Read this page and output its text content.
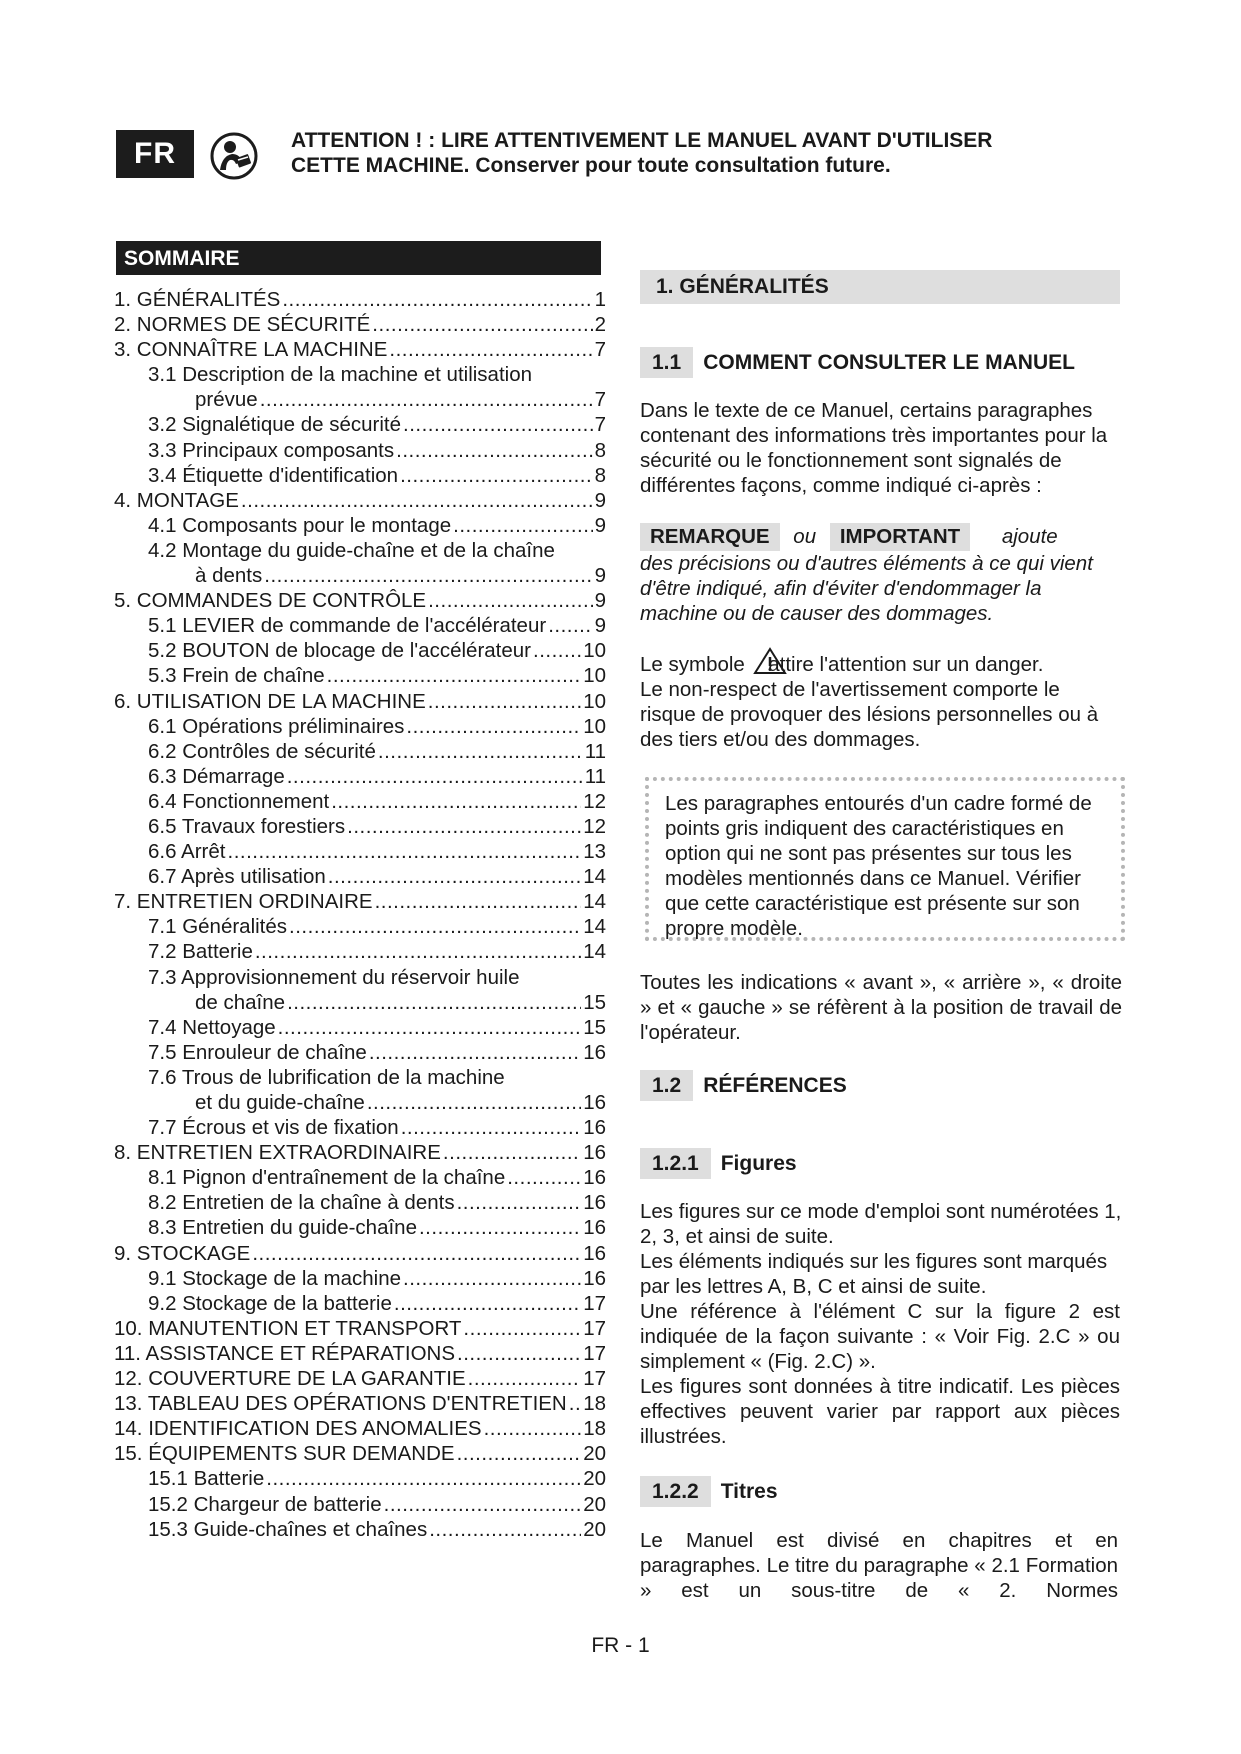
FR	ATTENTION ! : LIRE ATTENTIVEMENT LE MANUEL AVANT D'UTILISER
CETTE MACHINE. Conserver pour toute consultation future.
SOMMAIRE
1. GÉNÉRALITÉS .....	1
2. NORMES DE SÉCURITÉ .....	2
3. CONNAÎTRE LA MACHINE .....	7
3.1 Description de la machine et utilisation
prévue .....	7
3.2 Signalétique de sécurité .....	7
3.3 Principaux composants .....	8
3.4 Étiquette d'identification .....	8
4. MONTAGE .....	9
4.1 Composants pour le montage .....	9
4.2 Montage du guide-chaîne et de la chaîne
à dents .....	9
5. COMMANDES DE CONTRÔLE .....	9
5.1 LEVIER de commande de l'accélérateur ..... 9
5.2 BOUTON de blocage de l'accélérateur .....	10
5.3 Frein de chaîne .....	10
6. UTILISATION DE LA MACHINE .....	10
6.1 Opérations préliminaires .....	10
6.2 Contrôles de sécurité .....	11
6.3 Démarrage .....	11
6.4 Fonctionnement .....	12
6.5 Travaux forestiers .....	12
6.6 Arrêt .....	13
6.7 Après utilisation .....	14
7. ENTRETIEN ORDINAIRE .....	14
7.1 Généralités .....	14
7.2 Batterie .....	14
7.3 Approvisionnement du réservoir huile
de chaîne .....	15
7.4 Nettoyage .....	15
7.5 Enrouleur de chaîne .....	16
7.6 Trous de lubrification de la machine
et du guide-chaîne .....	16
7.7 Écrous et vis de fixation .....	16
8. ENTRETIEN EXTRAORDINAIRE .....	16
8.1 Pignon d'entraînement de la chaîne .....	16
8.2 Entretien de la chaîne à dents .....	16
8.3 Entretien du guide-chaîne .....	16
9. STOCKAGE .....	16
9.1 Stockage de la machine .....	16
9.2 Stockage de la batterie .....	17
10. MANUTENTION ET TRANSPORT .....	17
11. ASSISTANCE ET RÉPARATIONS .....	17
12. COUVERTURE DE LA GARANTIE .....	17
13. TABLEAU DES OPÉRATIONS D'ENTRETIEN ..... 18
14. IDENTIFICATION DES ANOMALIES .....	18
15. ÉQUIPEMENTS SUR DEMANDE .....	20
15.1 Batterie .....	20
15.2 Chargeur de batterie .....	20
15.3 Guide-chaînes et chaînes .....	20
1. GÉNÉRALITÉS
1.1 COMMENT CONSULTER LE MANUEL
Dans le texte de ce Manuel, certains paragraphes contenant des informations très importantes pour la sécurité ou le fonctionnement sont signalés de différentes façons, comme indiqué ci-après :
REMARQUE ou IMPORTANT ajoute
des précisions ou d'autres éléments à ce qui vient d'être indiqué, afin d'éviter d'endommager la machine ou de causer des dommages.
Le symbole attire l'attention sur un danger.
Le non-respect de l'avertissement comporte le risque de provoquer des lésions personnelles ou à des tiers et/ou des dommages.
Les paragraphes entourés d'un cadre formé de points gris indiquent des caractéristiques en option qui ne sont pas présentes sur tous les modèles mentionnés dans ce Manuel. Vérifier que cette caractéristique est présente sur son propre modèle.
Toutes les indications « avant », « arrière », « droite » et « gauche » se réfèrent à la position de travail de l'opérateur.
1.2 RÉFÉRENCES
1.2.1 Figures
Les figures sur ce mode d'emploi sont numérotées 1, 2, 3, et ainsi de suite.
Les éléments indiqués sur les figures sont marqués par les lettres A, B, C et ainsi de suite.
Une référence à l'élément C sur la figure 2 est indiquée de la façon suivante : « Voir Fig. 2.C » ou simplement « (Fig. 2.C) ».
Les figures sont données à titre indicatif. Les pièces effectives peuvent varier par rapport aux pièces illustrées.
1.2.2 Titres
Le Manuel est divisé en chapitres et en paragraphes. Le titre du paragraphe « 2.1 Formation » est un sous-titre de « 2. Normes
FR - 1
